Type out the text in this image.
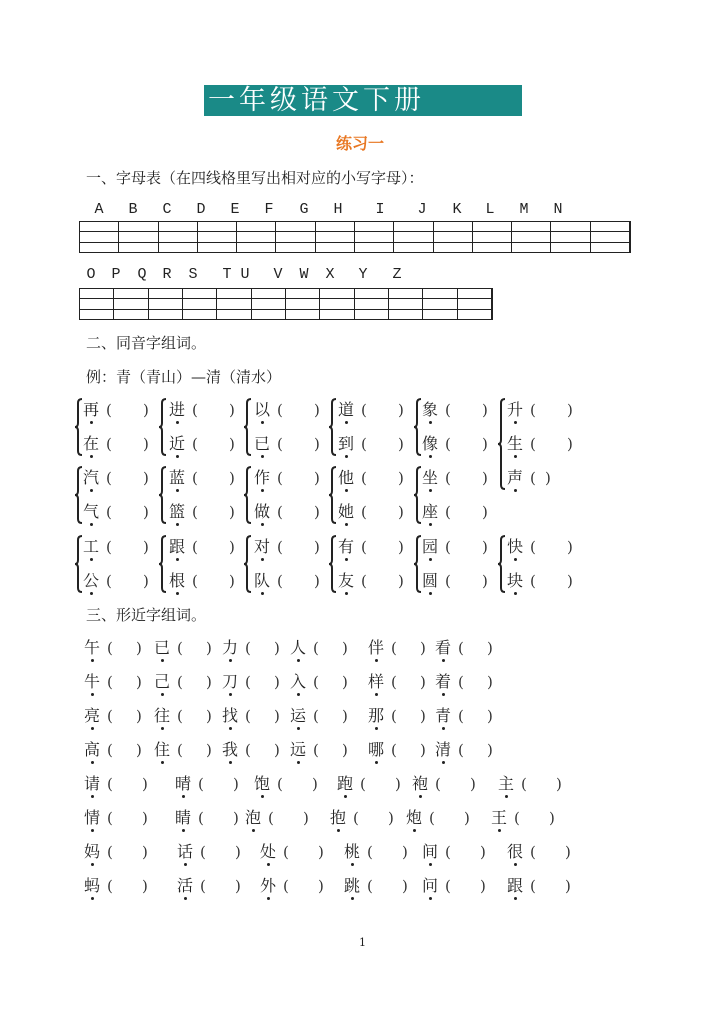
一年级语文下册
练习一
一、字母表（在四线格里写出相对应的小写字母）：
二、同音字组词。
例：青（青山）—清（清水）
三、形近字组词。
1
A B C D E F G H I J K L M N
O P Q R S T U V W X Y Z
再 ( )
在 ( )
进 ( )
近 ( )
以 ( )
已 ( )
道 ( )
到 ( )
象 ( )
像 ( )
升 ( )
生 ( )
声 ( )
汽 ( )
气 ( )
蓝 ( )
篮 ( )
作 ( )
做 ( )
他 ( )
她 ( )
坐 ( )
座 ( )
工 ( )
公 ( )
跟 ( )
根 ( )
对 ( )
队 ( )
有 ( )
友 ( )
园 ( )
圆 ( )
快 ( )
块 ( )
午 ( ) 已 ( ) 力 ( ) 人 ( ) 伴 ( ) 看 ( )
牛 ( ) 己 ( ) 刀 ( ) 入 ( ) 样 ( ) 着 ( )
亮 ( ) 往 ( ) 找 ( ) 运 ( ) 那 ( ) 青 ( )
高 ( ) 住 ( ) 我 ( ) 远 ( ) 哪 ( ) 清 ( )
请 ( ) 晴 ( ) 饱 ( ) 跑 ( ) 袍 ( ) 主 ( )
情 ( ) 睛 ( ) 泡 ( ) 抱 ( ) 炮 ( ) 王 ( )
妈 ( ) 话 ( ) 处 ( ) 桃 ( ) 间 ( ) 很 ( )
蚂 ( ) 活 ( ) 外 ( ) 跳 ( ) 问 ( ) 跟 ( )
